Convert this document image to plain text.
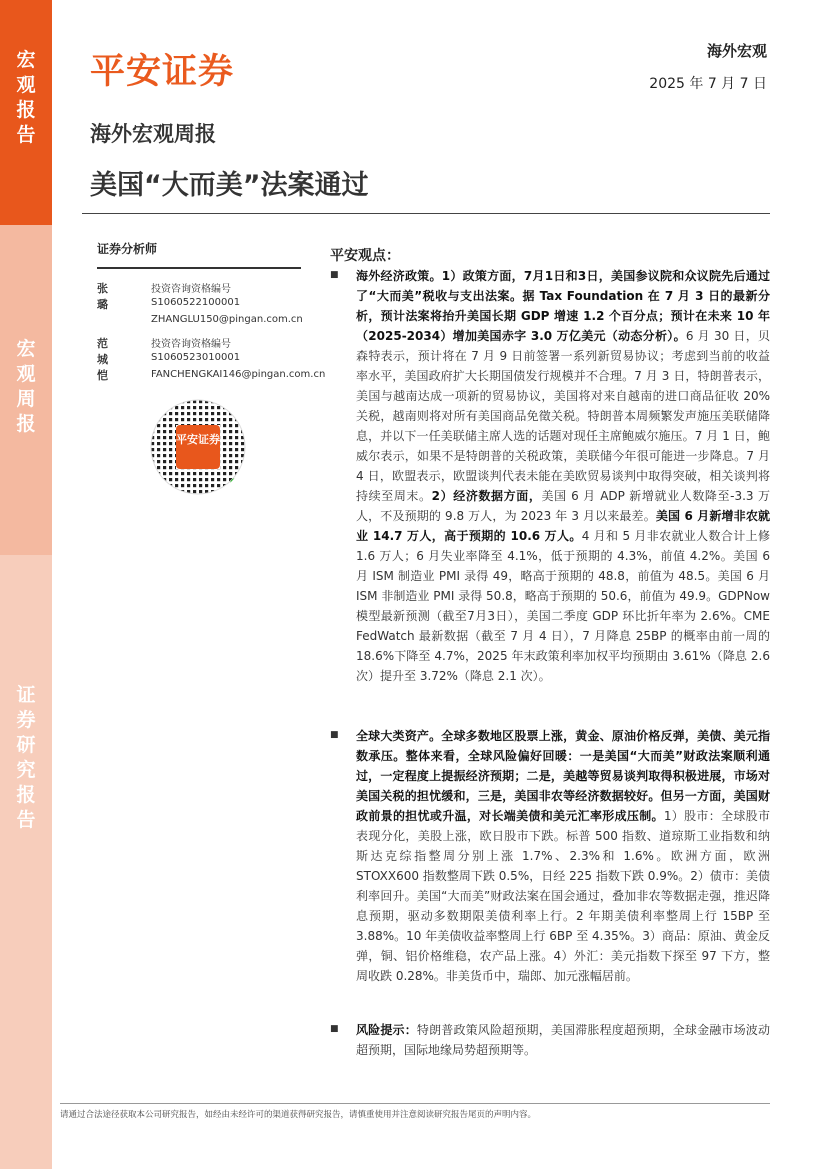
宏观报告
宏观周报
证券研究报告
平安证券
海外宏观
2025 年 7 月 7 日
海外宏观周报
美国“大而美”法案通过
证券分析师
张璐
投资咨询资格编号
S1060522100001
ZHANGLU150@pingan.com.cn
范城恺
投资咨询资格编号
S1060523010001
FANCHENGKAI146@pingan.com.cn
平安证券
平安观点：
■ 海外经济政策。1）政策方面，7月1日和3日，美国参议院和众议院先后通过了“大而美”税收与支出法案。据 Tax Foundation 在 7 月 3 日的最新分析，预计法案将抬升美国长期 GDP 增速 1.2 个百分点；预计在未来 10 年（2025-2034）增加美国赤字 3.0 万亿美元（动态分析）。6 月 30 日，贝森特表示，预计将在 7 月 9 日前签署一系列新贸易协议；考虑到当前的收益率水平，美国政府扩大长期国债发行规模并不合理。7 月 3 日，特朗普表示，美国与越南达成一项新的贸易协议，美国将对来自越南的进口商品征收 20%关税，越南则将对所有美国商品免徵关税。特朗普本周频繁发声施压美联储降息，并以下一任美联储主席人选的话题对现任主席鲍威尔施压。7 月 1 日，鲍威尔表示，如果不是特朗普的关税政策，美联储今年很可能进一步降息。7 月 4 日，欧盟表示，欧盟谈判代表未能在美欧贸易谈判中取得突破，相关谈判将持续至周末。2）经济数据方面，美国 6 月 ADP 新增就业人数降至-3.3 万人，不及预期的 9.8 万人，为 2023 年 3 月以来最差。美国 6 月新增非农就业 14.7 万人，高于预期的 10.6 万人。4 月和 5 月非农就业人数合计上修 1.6 万人；6 月失业率降至 4.1%，低于预期的 4.3%，前值 4.2%。美国 6 月 ISM 制造业 PMI 录得 49，略高于预期的 48.8，前值为 48.5。美国 6 月 ISM 非制造业 PMI 录得 50.8，略高于预期的 50.6，前值为 49.9。GDPNow 模型最新预测（截至7月3日），美国二季度 GDP 环比折年率为 2.6%。CME FedWatch 最新数据（截至 7 月 4 日），7 月降息 25BP 的概率由前一周的 18.6%下降至 4.7%，2025 年末政策利率加权平均预期由 3.61%（降息 2.6 次）提升至 3.72%（降息 2.1 次）。
■ 全球大类资产。全球多数地区股票上涨，黄金、原油价格反弹，美债、美元指数承压。整体来看，全球风险偏好回暖：一是美国“大而美”财政法案顺利通过，一定程度上提振经济预期；二是，美越等贸易谈判取得积极进展，市场对美国关税的担忧缓和，三是，美国非农等经济数据较好。但另一方面，美国财政前景的担忧或升温，对长端美债和美元汇率形成压制。1）股市：全球股市表现分化，美股上涨，欧日股市下跌。标普 500 指数、道琼斯工业指数和纳斯达克综指整周分别上涨 1.7%、2.3%和 1.6%。欧洲方面，欧洲 STOXX600 指数整周下跌 0.5%，日经 225 指数下跌 0.9%。2）债市：美债利率回升。美国“大而美”财政法案在国会通过，叠加非农等数据走强，推迟降息预期，驱动多数期限美债利率上行。2 年期美债利率整周上行 15BP 至 3.88%。10 年美债收益率整周上行 6BP 至 4.35%。3）商品：原油、黄金反弹，铜、铝价格维稳，农产品上涨。4）外汇：美元指数下探至 97 下方，整周收跌 0.28%。非美货币中，瑞郎、加元涨幅居前。
■ 风险提示：特朗普政策风险超预期，美国滞胀程度超预期，全球金融市场波动超预期，国际地缘局势超预期等。
请通过合法途径获取本公司研究报告，如经由未经许可的渠道获得研究报告，请慎重使用并注意阅读研究报告尾页的声明内容。
